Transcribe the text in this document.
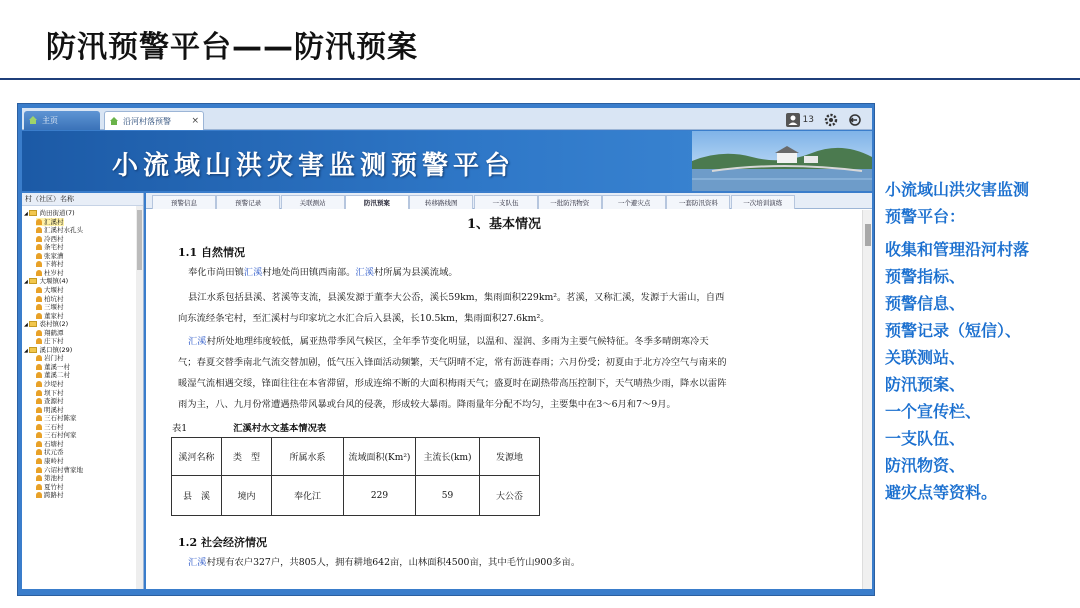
防汛预警平台——防汛预案
主页	沿河村落预警 ×	13
小流域山洪灾害监测预警平台
村（社区）名称
◢ 尚田街道(7)
汇溪村
汇溪村水孔头
冷西村
条宅村
张家漕
下蒋村
杜岁村
◢ 大堰镇(4)
大堰村
柏坑村
三堰村
董家村
◢ 裘村镇(2)
翔鹤潭
庄下村
◢ 溪口镇(29)
岩门村
董溪一村
董溪二村
沙堤村
坝下村
查源村
明溪村
三石村陈家
三石村
三石村何家
石塘村
状元岙
康岭村
六诏村曹家地
第池村
夏竹村
跨路村
预警信息	预警记录	关联测站	防汛预案	转移路线图	一支队伍	一批防汛物资	一个避灾点	一套防汛资料	一次培训演练
1、基本情况
1.1 自然情况
奉化市尚田镇汇溪村地处尚田镇西南部。汇溪村所属为县溪流域。
县江水系包括县溪、茗溪等支流，县溪发源于董李大公岙，溪长59km，集雨面积229km²。茗溪，又称汇溪，发源于大雷山，自西
向东流经条宅村，至汇溪村与印家坑之水汇合后入县溪，长10.5km，集雨面积27.6km²。
汇溪村所处地理纬度较低，属亚热带季风气候区，全年季节变化明显，以温和、湿润、多雨为主要气候特征。冬季多晴朗寒冷天
气；春夏交替季南北气流交替加剧，低气压入锋面活动频繁，天气阴晴不定，常有沥涟春雨；六月份受；初夏由于北方冷空气与南来的
暖湿气流相遇交绥，锋面往往在本省滞留，形成连绵不断的大面积梅雨天气；盛夏时在副热带高压控制下，天气晴热少雨，降水以雷阵
雨为主，八、九月份常遭遇热带风暴或台风的侵袭，形成较大暴雨。降雨量年分配不均匀，主要集中在3～6月和7～9月。
表1	汇溪村水文基本情况表
溪河名称	类　型	所属水系	流域面积(Km²)	主流长(km)	发源地
县　溪	境内	奉化江	229	59	大公岙
1.2 社会经济情况
汇溪村现有农户327户，共805人，拥有耕地642亩，山林面积4500亩，其中毛竹山900多亩。
小流域山洪灾害监测
预警平台：
收集和管理沿河村落
预警指标、
预警信息、
预警记录（短信）、
关联测站、
防汛预案、
一个宣传栏、
一支队伍、
防汛物资、
避灾点等资料。
